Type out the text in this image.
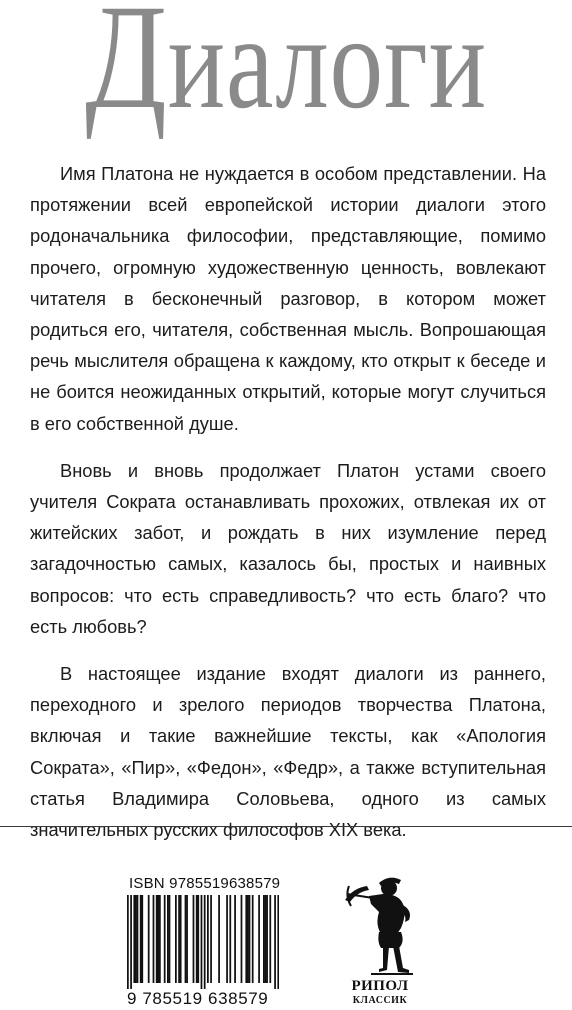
Диалоги

Имя Платона не нуждается в особом представлении. На протяжении всей европейской истории диалоги этого родоначальника философии, представляющие, помимо прочего, огромную художественную ценность, вовлекают читателя в бесконечный разговор, в котором может родиться его, читателя, собственная мысль. Вопрошающая речь мыслителя обращена к каждому, кто открыт к беседе и не боится неожиданных открытий, которые могут случиться в его собственной душе.

Вновь и вновь продолжает Платон устами своего учителя Сократа останавливать прохожих, отвлекая их от житейских забот, и рождать в них изумление перед загадочностью самых, казалось бы, простых и наивных вопросов: что есть справедливость? что есть благо? что есть любовь?

В настоящее издание входят диалоги из раннего, переходного и зрелого периодов творчества Платона, включая и такие важнейшие тексты, как «Апология Сократа», «Пир», «Федон», «Федр», а также вступительная статья Владимира Соловьева, одного из самых значительных русских философов XIX века.

ISBN 9785519638579
9 785519 638579
РИПОЛ
КЛАССИК
